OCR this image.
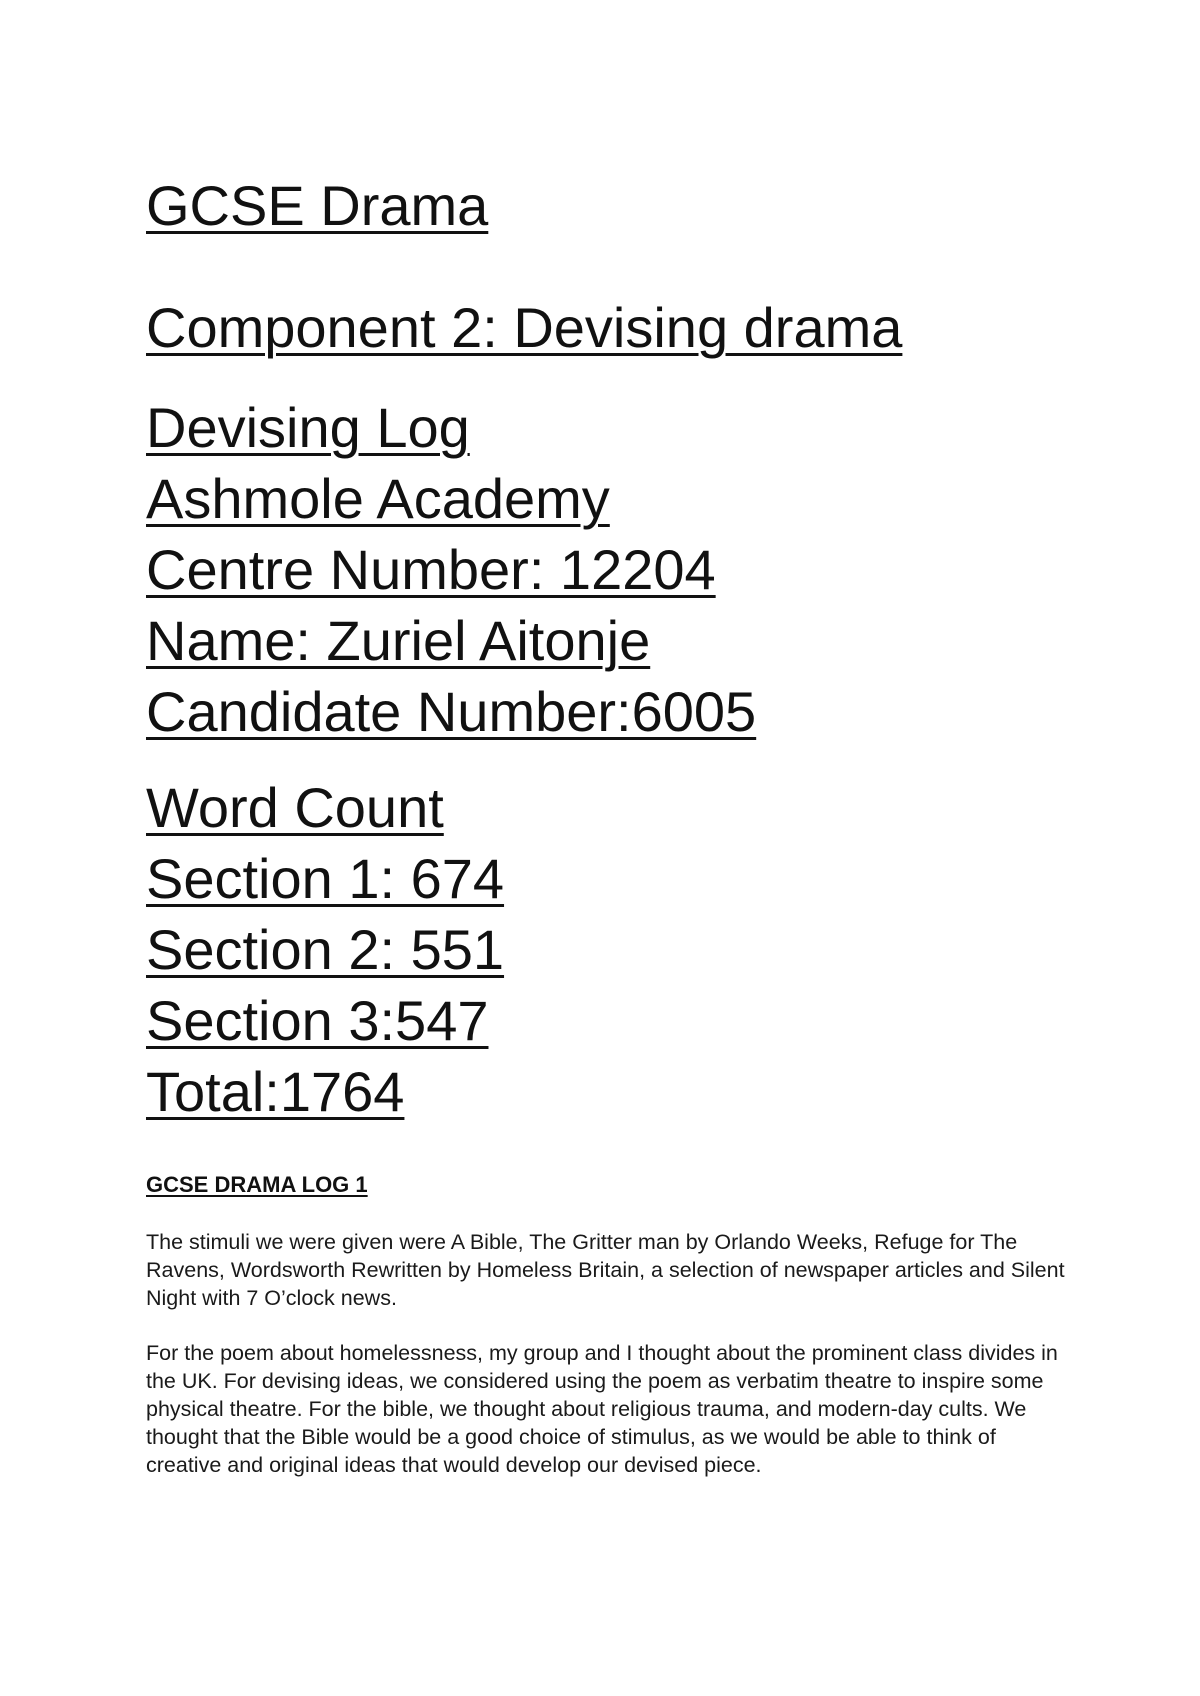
GCSE Drama
Component 2: Devising drama

Devising Log

Ashmole Academy

Centre Number: 12204

Name: Zuriel Aitonje

Candidate Number:6005

Word Count

Section 1: 674

Section 2: 551

Section 3:547

Total:1764

GCSE DRAMA LOG 1

The stimuli we were given were A Bible, The Gritter man by Orlando Weeks, Refuge for The Ravens, Wordsworth Rewritten by Homeless Britain, a selection of newspaper articles and Silent Night with 7 O’clock news.

For the poem about homelessness, my group and I thought about the prominent class divides in the UK. For devising ideas, we considered using the poem as verbatim theatre to inspire some physical theatre. For the bible, we thought about religious trauma, and modern-day cults. We thought that the Bible would be a good choice of stimulus, as we would be able to think of creative and original ideas that would develop our devised piece.
